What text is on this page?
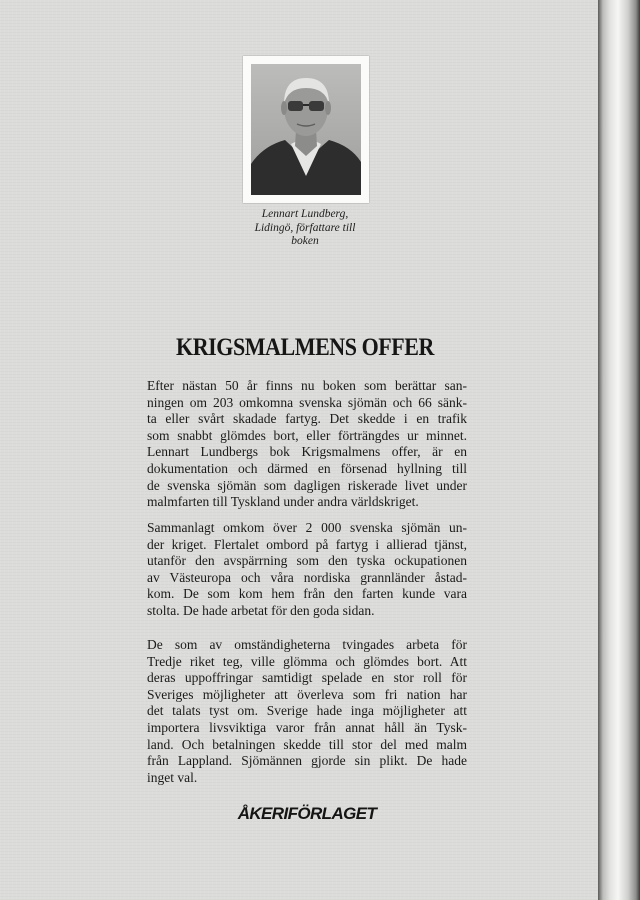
Lennart Lundberg,
Lidingö, författare till
boken
KRIGSMALMENS OFFER
Efter nästan 50 år finns nu boken som berättar san-
ningen om 203 omkomna svenska sjömän och 66 sänk-
ta eller svårt skadade fartyg. Det skedde i en trafik
som snabbt glömdes bort, eller förträngdes ur minnet.
Lennart Lundbergs bok Krigsmalmens offer, är en
dokumentation och därmed en försenad hyllning till
de svenska sjömän som dagligen riskerade livet under
malmfarten till Tyskland under andra världskriget.
Sammanlagt omkom över 2 000 svenska sjömän un-
der kriget. Flertalet ombord på fartyg i allierad tjänst,
utanför den avspärrning som den tyska ockupationen
av Västeuropa och våra nordiska grannländer åstad-
kom. De som kom hem från den farten kunde vara
stolta. De hade arbetat för den goda sidan.
De som av omständigheterna tvingades arbeta för
Tredje riket teg, ville glömma och glömdes bort. Att
deras uppoffringar samtidigt spelade en stor roll för
Sveriges möjligheter att överleva som fri nation har
det talats tyst om. Sverige hade inga möjligheter att
importera livsviktiga varor från annat håll än Tysk-
land. Och betalningen skedde till stor del med malm
från Lappland. Sjömännen gjorde sin plikt. De hade
inget val.
ÅKERIFÖRLAGET
